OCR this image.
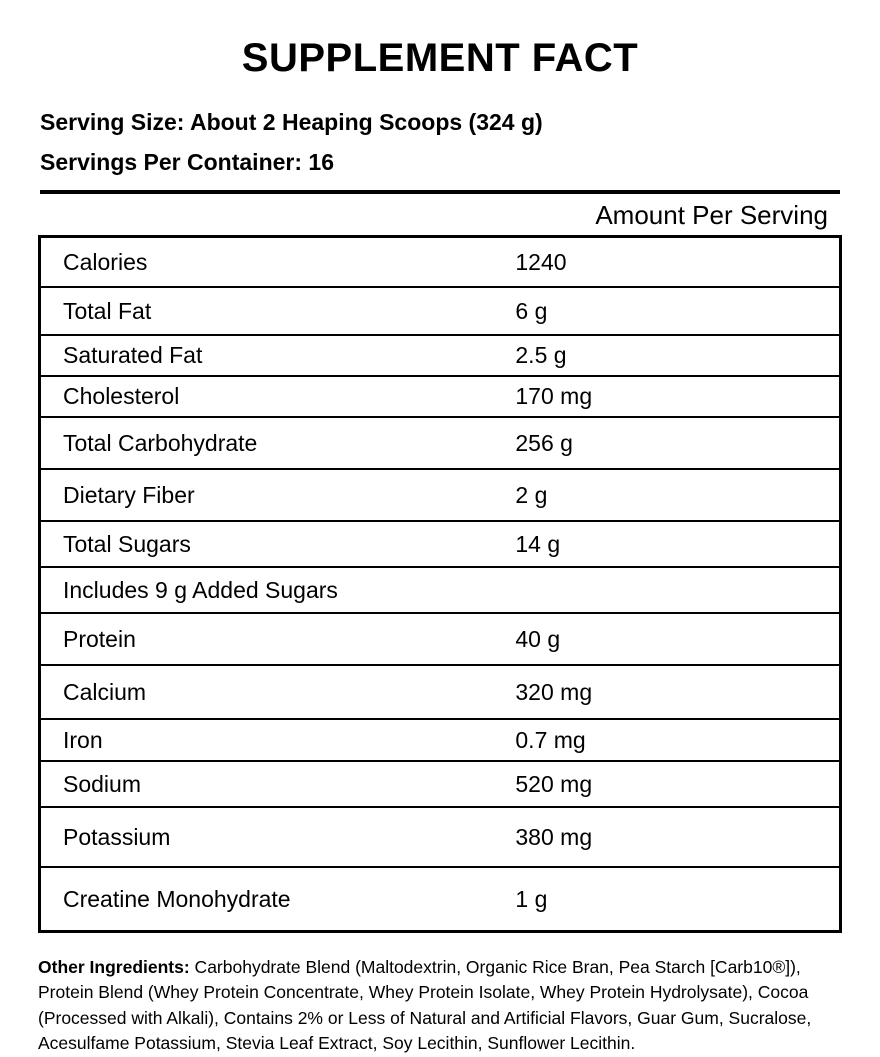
SUPPLEMENT FACT
Serving Size: About 2 Heaping Scoops (324 g)
Servings Per Container: 16
Amount Per Serving
Calories	1240
Total Fat	6 g
Saturated Fat	2.5 g
Cholesterol	170 mg
Total Carbohydrate	256 g
Dietary Fiber	2 g
Total Sugars	14 g
Includes 9 g Added Sugars	
Protein	40 g
Calcium	320 mg
Iron	0.7 mg
Sodium	520 mg
Potassium	380 mg
Creatine Monohydrate	1 g
Other Ingredients: Carbohydrate Blend (Maltodextrin, Organic Rice Bran, Pea Starch [Carb10®]), Protein Blend (Whey Protein Concentrate, Whey Protein Isolate, Whey Protein Hydrolysate), Cocoa (Processed with Alkali), Contains 2% or Less of Natural and Artificial Flavors, Guar Gum, Sucralose, Acesulfame Potassium, Stevia Leaf Extract, Soy Lecithin, Sunflower Lecithin.
